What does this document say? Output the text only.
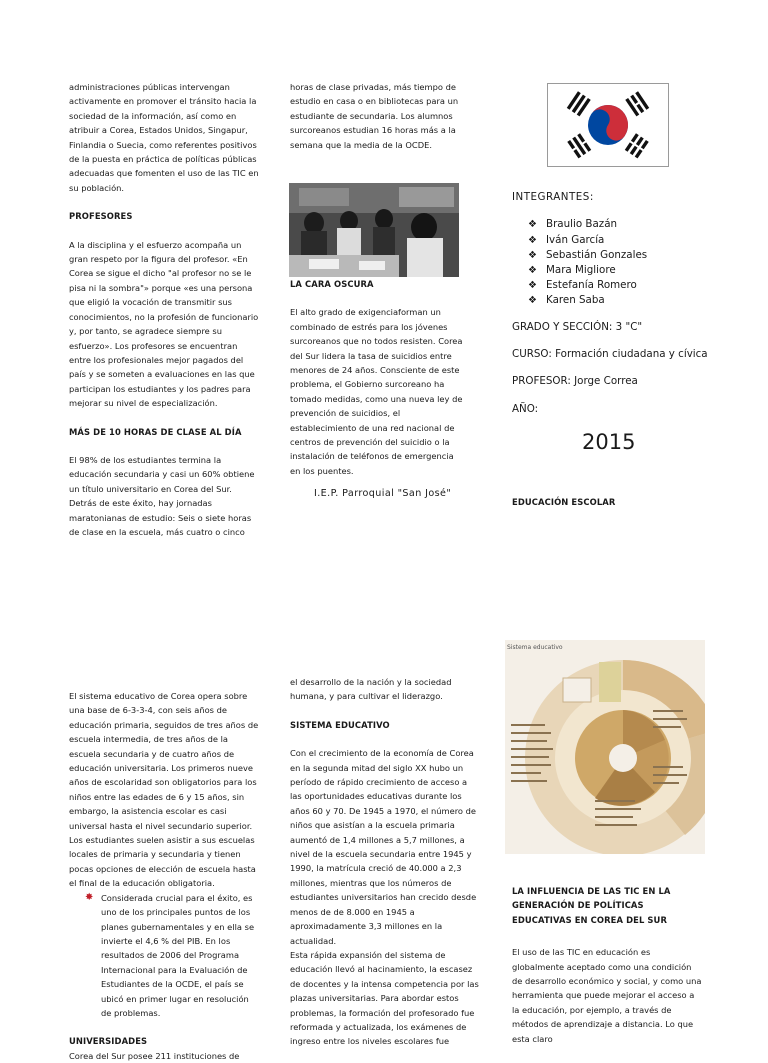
administraciones públicas intervengan activamente en promover el tránsito hacia la sociedad de la información, así como en atribuir a Corea, Estados Unidos, Singapur, Finlandia o Suecia, como referentes positivos de la puesta en práctica de políticas públicas adecuadas que fomenten el uso de las TIC en su población.

PROFESORES

A la disciplina y el esfuerzo acompaña un gran respeto por la figura del profesor. «En Corea se sigue el dicho "al profesor no se le pisa ni la sombra"» porque «es una persona que eligió la vocación de transmitir sus conocimientos, no la profesión de funcionario y, por tanto, se agradece siempre su esfuerzo». Los profesores se encuentran entre los profesionales mejor pagados del país y se someten a evaluaciones en las que participan los estudiantes y los padres para mejorar su nivel de especialización.

MÁS DE 10 HORAS DE CLASE AL DÍA

El 98% de los estudiantes termina la educación secundaria y casi un 60% obtiene un título universitario en Corea del Sur. Detrás de este éxito, hay jornadas maratonianas de estudio: Seis o siete horas de clase en la escuela, más cuatro o cinco

horas de clase privadas, más tiempo de estudio en casa o en bibliotecas para un estudiante de secundaria. Los alumnos surcoreanos estudian 16 horas más a la semana que la media de la OCDE.

LA CARA OSCURA

El alto grado de exigenciaforman un combinado de estrés para los jóvenes surcoreanos que no todos resisten. Corea del Sur lidera la tasa de suicidios entre menores de 24 años. Consciente de este problema, el Gobierno surcoreano ha tomado medidas, como una nueva ley de prevención de suicidios, el establecimiento de una red nacional de centros de prevención del suicidio o la instalación de teléfonos de emergencia en los puentes.

I.E.P. Parroquial "San José"
INTEGRANTES:
❖ Braulio Bazán
❖ Iván García
❖ Sebastián Gonzales
❖ Mara Migliore
❖ Estefanía Romero
❖ Karen Saba
GRADO Y SECCIÓN: 3 "C"
CURSO: Formación ciudadana y cívica
PROFESOR: Jorge Correa
AÑO:
2015
EDUCACIÓN ESCOLAR

El sistema educativo de Corea opera sobre una base de 6-3-3-4, con seis años de educación primaria, seguidos de tres años de escuela intermedia, de tres años de la escuela secundaria y de cuatro años de educación universitaria. Los primeros nueve años de escolaridad son obligatorios para los niños entre las edades de 6 y 15 años, sin embargo, la asistencia escolar es casi universal hasta el nivel secundario superior. Los estudiantes suelen asistir a sus escuelas locales de primaria y secundaria y tienen pocas opciones de elección de escuela hasta el final de la educación obligatoria.

✸ Considerada crucial para el éxito, es uno de los principales puntos de los planes gubernamentales y en ella se invierte el 4,6 % del PIB. En los resultados de 2006 del Programa Internacional para la Evaluación de Estudiantes de la OCDE, el país se ubicó en primer lugar en resolución de problemas.

UNIVERSIDADES

Corea del Sur posee 211 instituciones de

el desarrollo de la nación y la sociedad humana, y para cultivar el liderazgo.

SISTEMA EDUCATIVO

Con el crecimiento de la economía de Corea en la segunda mitad del siglo XX hubo un período de rápido crecimiento de acceso a las oportunidades educativas durante los años 60 y 70. De 1945 a 1970, el número de niños que asistían a la escuela primaria aumentó de 1,4 millones a 5,7 millones, a nivel de la escuela secundaria entre 1945 y 1990, la matrícula creció de 40.000 a 2,3 millones, mientras que los números de estudiantes universitarios han crecido desde menos de de 8.000 en 1945 a aproximadamente 3,3 millones en la actualidad.

Esta rápida expansión del sistema de educación llevó al hacinamiento, la escasez de docentes y la intensa competencia por las plazas universitarias. Para abordar estos problemas, la formación del profesorado fue reformada y actualizada, los exámenes de ingreso entre los niveles escolares fue

Sistema educativo

LA INFLUENCIA DE LAS TIC EN LA GENERACIÓN DE POLÍTICAS EDUCATIVAS EN COREA DEL SUR

El uso de las TIC en educación es globalmente aceptado como una condición de desarrollo económico y social, y como una herramienta que puede mejorar el acceso a la educación, por ejemplo, a través de métodos de aprendizaje a distancia. Lo que esta claro
